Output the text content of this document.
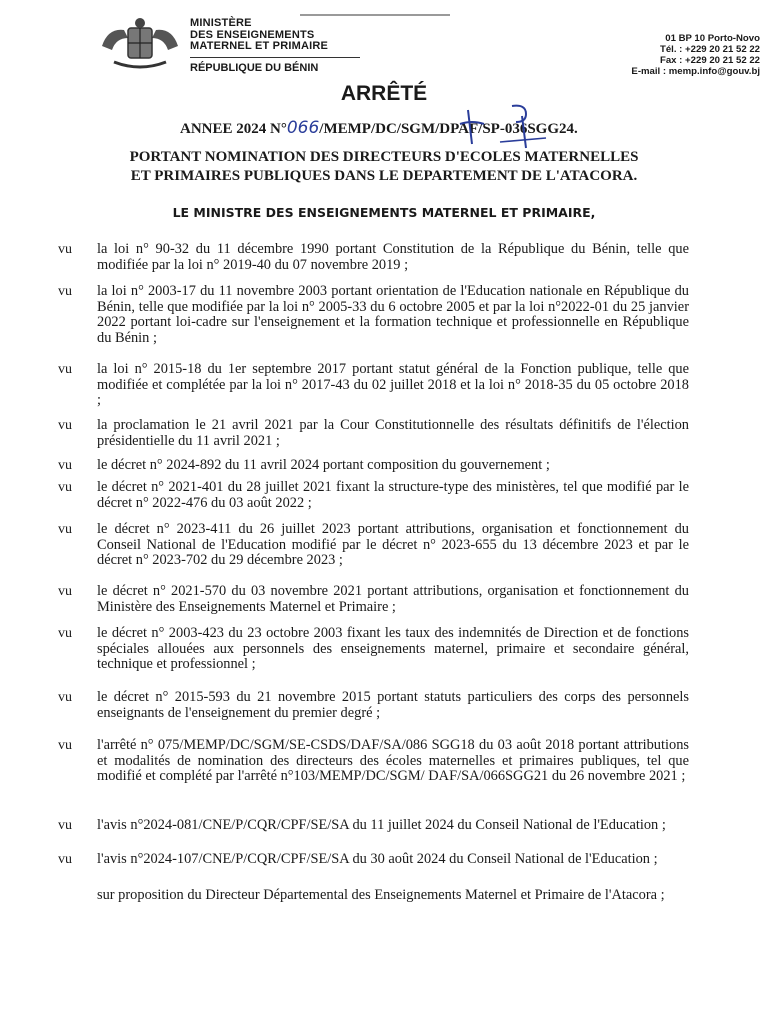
MINISTÈRE
DES ENSEIGNEMENTS
MATERNEL ET PRIMAIRE
RÉPUBLIQUE DU BÉNIN
01 BP 10 Porto-Novo
Tél. : +229 20 21 52 22
Fax : +229 20 21 52 22
E-mail : memp.info@gouv.bj
ARRÊTÉ
ANNEE 2024 N°066/MEMP/DC/SGM/DPAF/SP-036SGG24.
PORTANT NOMINATION DES DIRECTEURS D'ECOLES MATERNELLES
ET PRIMAIRES PUBLIQUES DANS LE DEPARTEMENT DE L'ATACORA.
LE MINISTRE DES ENSEIGNEMENTS MATERNEL ET PRIMAIRE,
vu la loi n° 90-32 du 11 décembre 1990 portant Constitution de la République du Bénin, telle que modifiée par la loi n° 2019-40 du 07 novembre 2019 ;
vu la loi n° 2003-17 du 11 novembre 2003 portant orientation de l'Education nationale en République du Bénin, telle que modifiée par la loi n° 2005-33 du 6 octobre 2005 et par la loi n°2022-01 du 25 janvier 2022 portant loi-cadre sur l'enseignement et la formation technique et professionnelle en République du Bénin ;
vu la loi n° 2015-18 du 1er septembre 2017 portant statut général de la Fonction publique, telle que modifiée et complétée par la loi n° 2017-43 du 02 juillet 2018 et la loi n° 2018-35 du 05 octobre 2018 ;
vu la proclamation le 21 avril 2021 par la Cour Constitutionnelle des résultats définitifs de l'élection présidentielle du 11 avril 2021 ;
vu le décret n° 2024-892 du 11 avril 2024 portant composition du gouvernement ;
vu le décret n° 2021-401 du 28 juillet 2021 fixant la structure-type des ministères, tel que modifié par le décret n° 2022-476 du 03 août 2022 ;
vu le décret n° 2023-411 du 26 juillet 2023 portant attributions, organisation et fonctionnement du Conseil National de l'Education modifié par le décret n° 2023-655 du 13 décembre 2023 et par le décret n° 2023-702 du 29 décembre 2023 ;
vu le décret n° 2021-570 du 03 novembre 2021 portant attributions, organisation et fonctionnement du Ministère des Enseignements Maternel et Primaire ;
vu le décret n° 2003-423 du 23 octobre 2003 fixant les taux des indemnités de Direction et de fonctions spéciales allouées aux personnels des enseignements maternel, primaire et secondaire général, technique et professionnel ;
vu le décret n° 2015-593 du 21 novembre 2015 portant statuts particuliers des corps des personnels enseignants de l'enseignement du premier degré ;
vu l'arrêté n° 075/MEMP/DC/SGM/SE-CSDS/DAF/SA/086 SGG18 du 03 août 2018 portant attributions et modalités de nomination des directeurs des écoles maternelles et primaires publiques, tel que modifié et complété par l'arrêté n°103/MEMP/DC/SGM/ DAF/SA/066SGG21 du 26 novembre 2021 ;
vu l'avis n°2024-081/CNE/P/CQR/CPF/SE/SA du 11 juillet 2024 du Conseil National de l'Education ;
vu l'avis n°2024-107/CNE/P/CQR/CPF/SE/SA du 30 août 2024 du Conseil National de l'Education ;
sur proposition du Directeur Départemental des Enseignements Maternel et Primaire de l'Atacora ;
